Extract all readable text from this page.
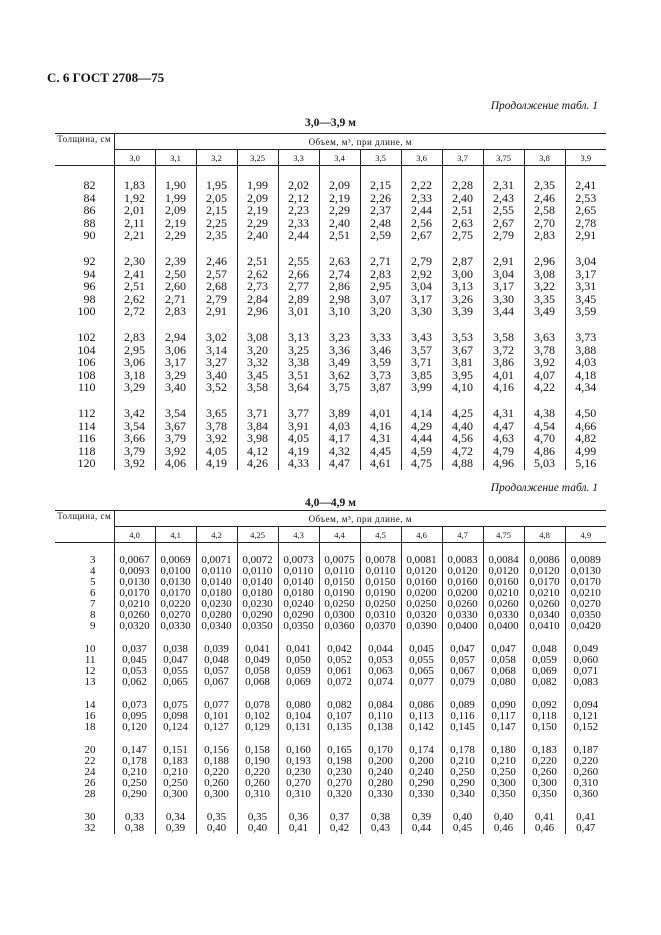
С. 6 ГОСТ 2708—75
Продолжение табл. 1
3,0—3,9 м
Толщина, см	Объем, м³, при длине, м											
	3,0	3,1	3,2	3,25	3,3	3,4	3,5	3,6	3,7	3,75	3,8	3,9

82	1,83	1,90	1,95	1,99	2,02	2,09	2,15	2,22	2,28	2,31	2,35	2,41
84	1,92	1,99	2,05	2,09	2,12	2,19	2,26	2,33	2,40	2,43	2,46	2,53
86	2,01	2,09	2,15	2,19	2,23	2,29	2,37	2,44	2,51	2,55	2,58	2,65
88	2,11	2,19	2,25	2,29	2,33	2,40	2,48	2,56	2,63	2,67	2,70	2,78
90	2,21	2,29	2,35	2,40	2,44	2,51	2,59	2,67	2,75	2,79	2,83	2,91

92	2,30	2,39	2,46	2,51	2,55	2,63	2,71	2,79	2,87	2,91	2,96	3,04
94	2,41	2,50	2,57	2,62	2,66	2,74	2,83	2,92	3,00	3,04	3,08	3,17
96	2,51	2,60	2,68	2,73	2,77	2,86	2,95	3,04	3,13	3,17	3,22	3,31
98	2,62	2,71	2,79	2,84	2,89	2,98	3,07	3,17	3,26	3,30	3,35	3,45
100	2,72	2,83	2,91	2,96	3,01	3,10	3,20	3,30	3,39	3,44	3,49	3,59

102	2,83	2,94	3,02	3,08	3,13	3,23	3,33	3,43	3,53	3,58	3,63	3,73
104	2,95	3,06	3,14	3,20	3,25	3,36	3,46	3,57	3,67	3,72	3,78	3,88
106	3,06	3,17	3,27	3,32	3,38	3,49	3,59	3,71	3,81	3,86	3,92	4,03
108	3,18	3,29	3,40	3,45	3,51	3,62	3,73	3,85	3,95	4,01	4,07	4,18
110	3,29	3,40	3,52	3,58	3,64	3,75	3,87	3,99	4,10	4,16	4,22	4,34

112	3,42	3,54	3,65	3,71	3,77	3,89	4,01	4,14	4,25	4,31	4,38	4,50
114	3,54	3,67	3,78	3,84	3,91	4,03	4,16	4,29	4,40	4,47	4,54	4,66
116	3,66	3,79	3,92	3,98	4,05	4,17	4,31	4,44	4,56	4,63	4,70	4,82
118	3,79	3,92	4,05	4,12	4,19	4,32	4,45	4,59	4,72	4,79	4,86	4,99
120	3,92	4,06	4,19	4,26	4,33	4,47	4,61	4,75	4,88	4,96	5,03	5,16
Продолжение табл. 1
4,0—4,9 м
Толщина, см	Объем, м³, при длине, м											
	4,0	4,1	4,2	4,25	4,3	4,4	4,5	4,6	4,7	4,75	4,8	4,9

3	0,0067	0,0069	0,0071	0,0072	0,0073	0,0075	0,0078	0,0081	0,0083	0,0084	0,0086	0,0089
4	0,0093	0,0100	0,0110	0,0110	0,0110	0,0110	0,0110	0,0120	0,0120	0,0120	0,0120	0,0130
5	0,0130	0,0130	0,0140	0,0140	0,0140	0,0150	0,0150	0,0160	0,0160	0,0160	0,0170	0,0170
6	0,0170	0,0170	0,0180	0,0180	0,0180	0,0190	0,0190	0,0200	0,0200	0,0210	0,0210	0,0210
7	0,0210	0,0220	0,0230	0,0230	0,0240	0,0250	0,0250	0,0250	0,0260	0,0260	0,0260	0,0270
8	0,0260	0,0270	0,0280	0,0290	0,0290	0,0300	0,0310	0,0320	0,0330	0,0330	0,0340	0,0350
9	0,0320	0,0330	0,0340	0,0350	0,0350	0,0360	0,0370	0,0390	0,0400	0,0400	0,0410	0,0420

10	0,037	0,038	0,039	0,041	0,041	0,042	0,044	0,045	0,047	0,047	0,048	0,049
11	0,045	0,047	0,048	0,049	0,050	0,052	0,053	0,055	0,057	0,058	0,059	0,060
12	0,053	0,055	0,057	0,058	0,059	0,061	0,063	0,065	0,067	0,068	0,069	0,071
13	0,062	0,065	0,067	0,068	0,069	0,072	0,074	0,077	0,079	0,080	0,082	0,083

14	0,073	0,075	0,077	0,078	0,080	0,082	0,084	0,086	0,089	0,090	0,092	0,094
16	0,095	0,098	0,101	0,102	0,104	0,107	0,110	0,113	0,116	0,117	0,118	0,121
18	0,120	0,124	0,127	0,129	0,131	0,135	0,138	0,142	0,145	0,147	0,150	0,152

20	0,147	0,151	0,156	0,158	0,160	0,165	0,170	0,174	0,178	0,180	0,183	0,187
22	0,178	0,183	0,188	0,190	0,193	0,198	0,200	0,200	0,210	0,210	0,220	0,220
24	0,210	0,210	0,220	0,220	0,230	0,230	0,240	0,240	0,250	0,250	0,260	0,260
26	0,250	0,250	0,260	0,260	0,270	0,270	0,280	0,290	0,290	0,300	0,300	0,310
28	0,290	0,300	0,300	0,310	0,310	0,320	0,330	0,330	0,340	0,350	0,350	0,360

30	0,33	0,34	0,35	0,35	0,36	0,37	0,38	0,39	0,40	0,40	0,41	0,41
32	0,38	0,39	0,40	0,40	0,41	0,42	0,43	0,44	0,45	0,46	0,46	0,47
